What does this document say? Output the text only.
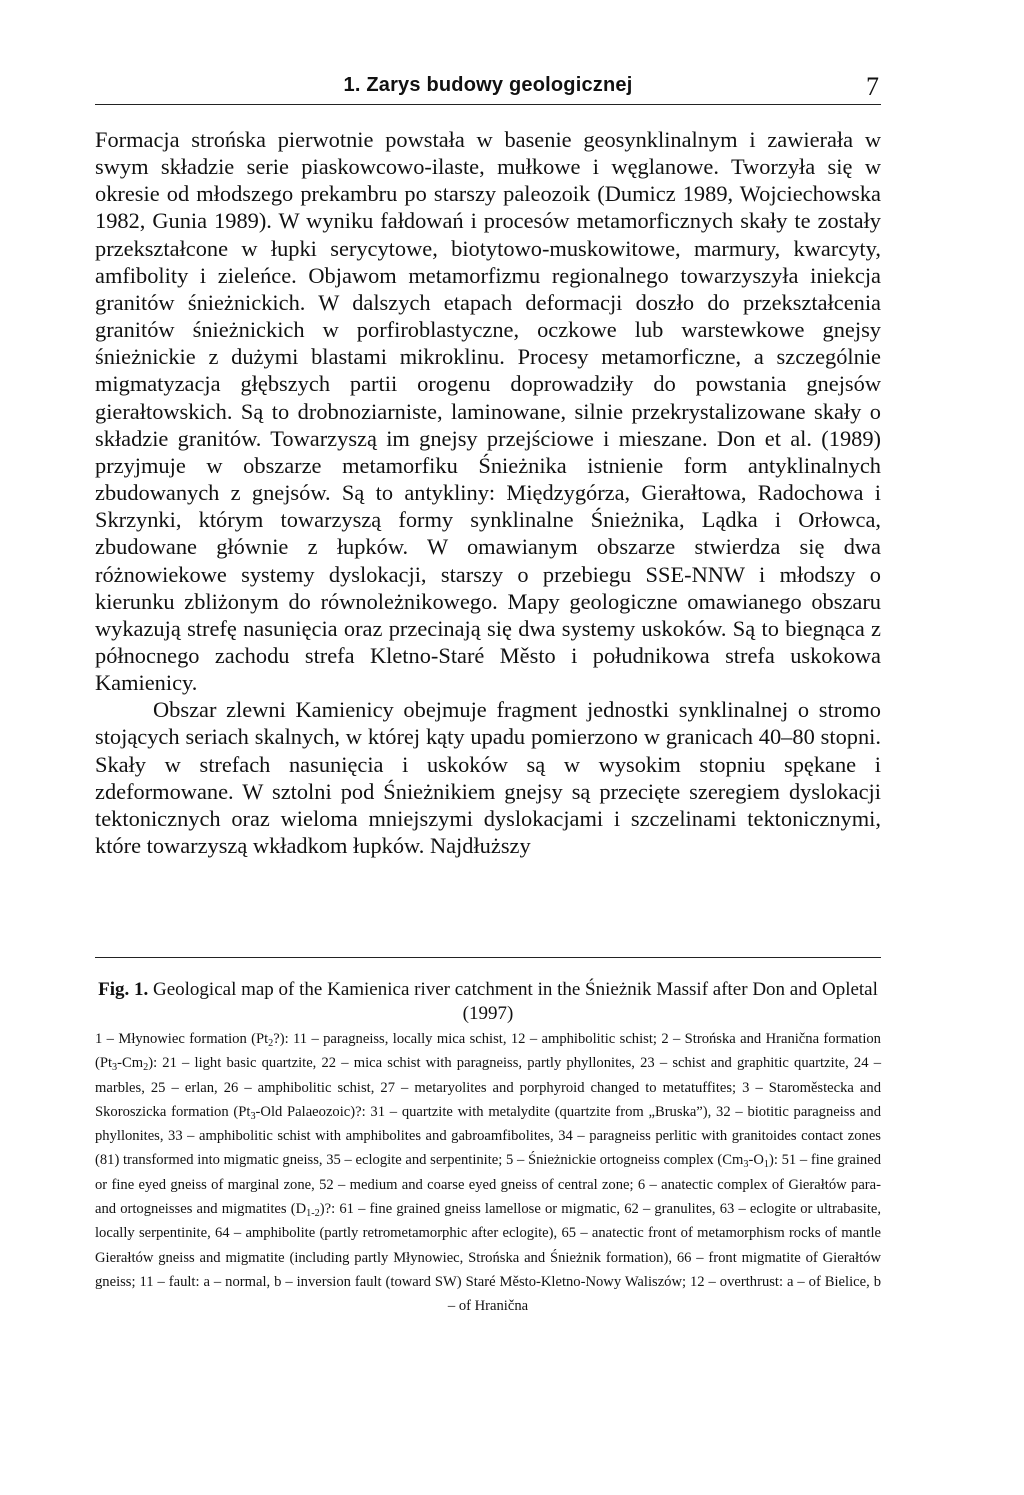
1. Zarys budowy geologicznej	7

Formacja strońska pierwotnie powstała w basenie geosynklinalnym i zawierała w swym składzie serie piaskowcowo-ilaste, mułkowe i węglanowe. Tworzyła się w okresie od młodszego prekambru po starszy paleozoik (Dumicz 1989, Wojciechowska 1982, Gunia 1989). W wyniku fałdowań i procesów metamorficznych skały te zostały przekształcone w łupki serycytowe, biotytowo-muskowitowe, marmury, kwarcyty, amfibolity i zieleńce. Objawom metamorfizmu regionalnego towarzyszyła iniekcja granitów śnieżnickich. W dalszych etapach deformacji doszło do przekształcenia granitów śnieżnickich w porfiroblastyczne, oczkowe lub warstewkowe gnejsy śnieżnickie z dużymi blastami mikroklinu. Procesy metamorficzne, a szczególnie migmatyzacja głębszych partii orogenu doprowadziły do powstania gnejsów gierałtowskich. Są to drobnoziarniste, laminowane, silnie przekrystalizowane skały o składzie granitów. Towarzyszą im gnejsy przejściowe i mieszane. Don et al. (1989) przyjmuje w obszarze metamorfiku Śnieżnika istnienie form antyklinalnych zbudowanych z gnejsów. Są to antykliny: Międzygórza, Gierałtowa, Radochowa i Skrzynki, którym towarzyszą formy synklinalne Śnieżnika, Lądka i Orłowca, zbudowane głównie z łupków. W omawianym obszarze stwierdza się dwa różnowiekowe systemy dyslokacji, starszy o przebiegu SSE-NNW i młodszy o kierunku zbliżonym do równoleżnikowego. Mapy geologiczne omawianego obszaru wykazują strefę nasunięcia oraz przecinają się dwa systemy uskoków. Są to biegnąca z północnego zachodu strefa Kletno-Staré Město i południkowa strefa uskokowa Kamienicy.

Obszar zlewni Kamienicy obejmuje fragment jednostki synklinalnej o stromo stojących seriach skalnych, w której kąty upadu pomierzono w granicach 40–80 stopni. Skały w strefach nasunięcia i uskoków są w wysokim stopniu spękane i zdeformowane. W sztolni pod Śnieżnikiem gnejsy są przecięte szeregiem dyslokacji tektonicznych oraz wieloma mniejszymi dyslokacjami i szczelinami tektonicznymi, które towarzyszą wkładkom łupków. Najdłuższy

Fig. 1. Geological map of the Kamienica river catchment in the Śnieżnik Massif after Don and Opletal (1997)
1 – Młynowiec formation $(Pt_2?)$: 11 – paragneiss, locally mica schist, 12 – amphibolitic schist; 2 – Strońska and Hranična formation $(Pt_3-Cm_2)$: 21 – light basic quartzite, 22 – mica schist with paragneiss, partly phyllonites, 23 – schist and graphitic quartzite, 24 – marbles, 25 – erlan, 26 – amphibolitic schist, 27 – metaryolites and porphyroid changed to metatuffites; 3 – Staroměstecka and Skoroszicka formation ($Pt_3$-Old Palaeozoic)?: 31 – quartzite with metalydite (quartzite from „Bruska”), 32 – biotitic paragneiss and phyllonites, 33 – amphibolitic schist with amphibolites and gabroamfibolites, 34 – paragneiss perlitic with granitoides contact zones (81) transformed into migmatic gneiss, 35 – eclogite and serpentinite; 5 – Śnieżnickie ortogneiss complex $(Cm_3-O_1)$: 51 – fine grained or fine eyed gneiss of marginal zone, 52 – medium and coarse eyed gneiss of central zone; 6 – anatectic complex of Gierałtów para- and ortogneisses and migmatites $(D_{1-2})$?: 61 – fine grained gneiss lamellose or migmatic, 62 – granulites, 63 – eclogite or ultrabasite, locally serpentinite, 64 – amphibolite (partly retrometamorphic after eclogite), 65 – anatectic front of metamorphism rocks of mantle Gierałtów gneiss and migmatite (including partly Młynowiec, Strońska and Śnieżnik formation), 66 – front migmatite of Gierałtów gneiss; 11 – fault: a – normal, b – inversion fault (toward SW) Staré Město-Kletno-Nowy Waliszów; 12 – overthrust: a – of Bielice, b – of Hranična
